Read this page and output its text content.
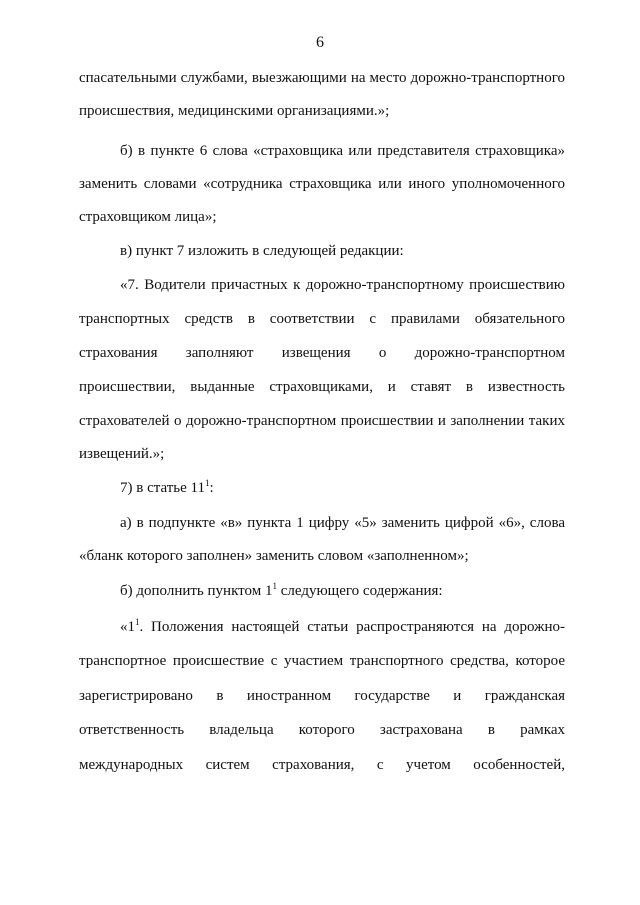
6
спасательными службами, выезжающими на место дорожно-транспортного
происшествия, медицинскими организациями.»;
б) в пункте 6 слова «страховщика или представителя страховщика»
заменить словами «сотрудника страховщика или иного уполномоченного
страховщиком лица»;
в) пункт 7 изложить в следующей редакции:
«7. Водители причастных к дорожно-транспортному происшествию
транспортных средств в соответствии с правилами обязательного
страхования заполняют извещения о дорожно-транспортном
происшествии, выданные страховщиками, и ставят в известность
страхователей о дорожно-транспортном происшествии и заполнении таких
извещений.»;
7) в статье $11^1$:
а) в подпункте «в» пункта 1 цифру «5» заменить цифрой «6», слова
«бланк которого заполнен» заменить словом «заполненном»;
б) дополнить пунктом $1^1$ следующего содержания:
«$1^1$. Положения настоящей статьи распространяются на дорожно-
транспортное происшествие с участием транспортного средства, которое
зарегистрировано в иностранном государстве и гражданская
ответственность владельца которого застрахована в рамках
международных систем страхования, с учетом особенностей,
